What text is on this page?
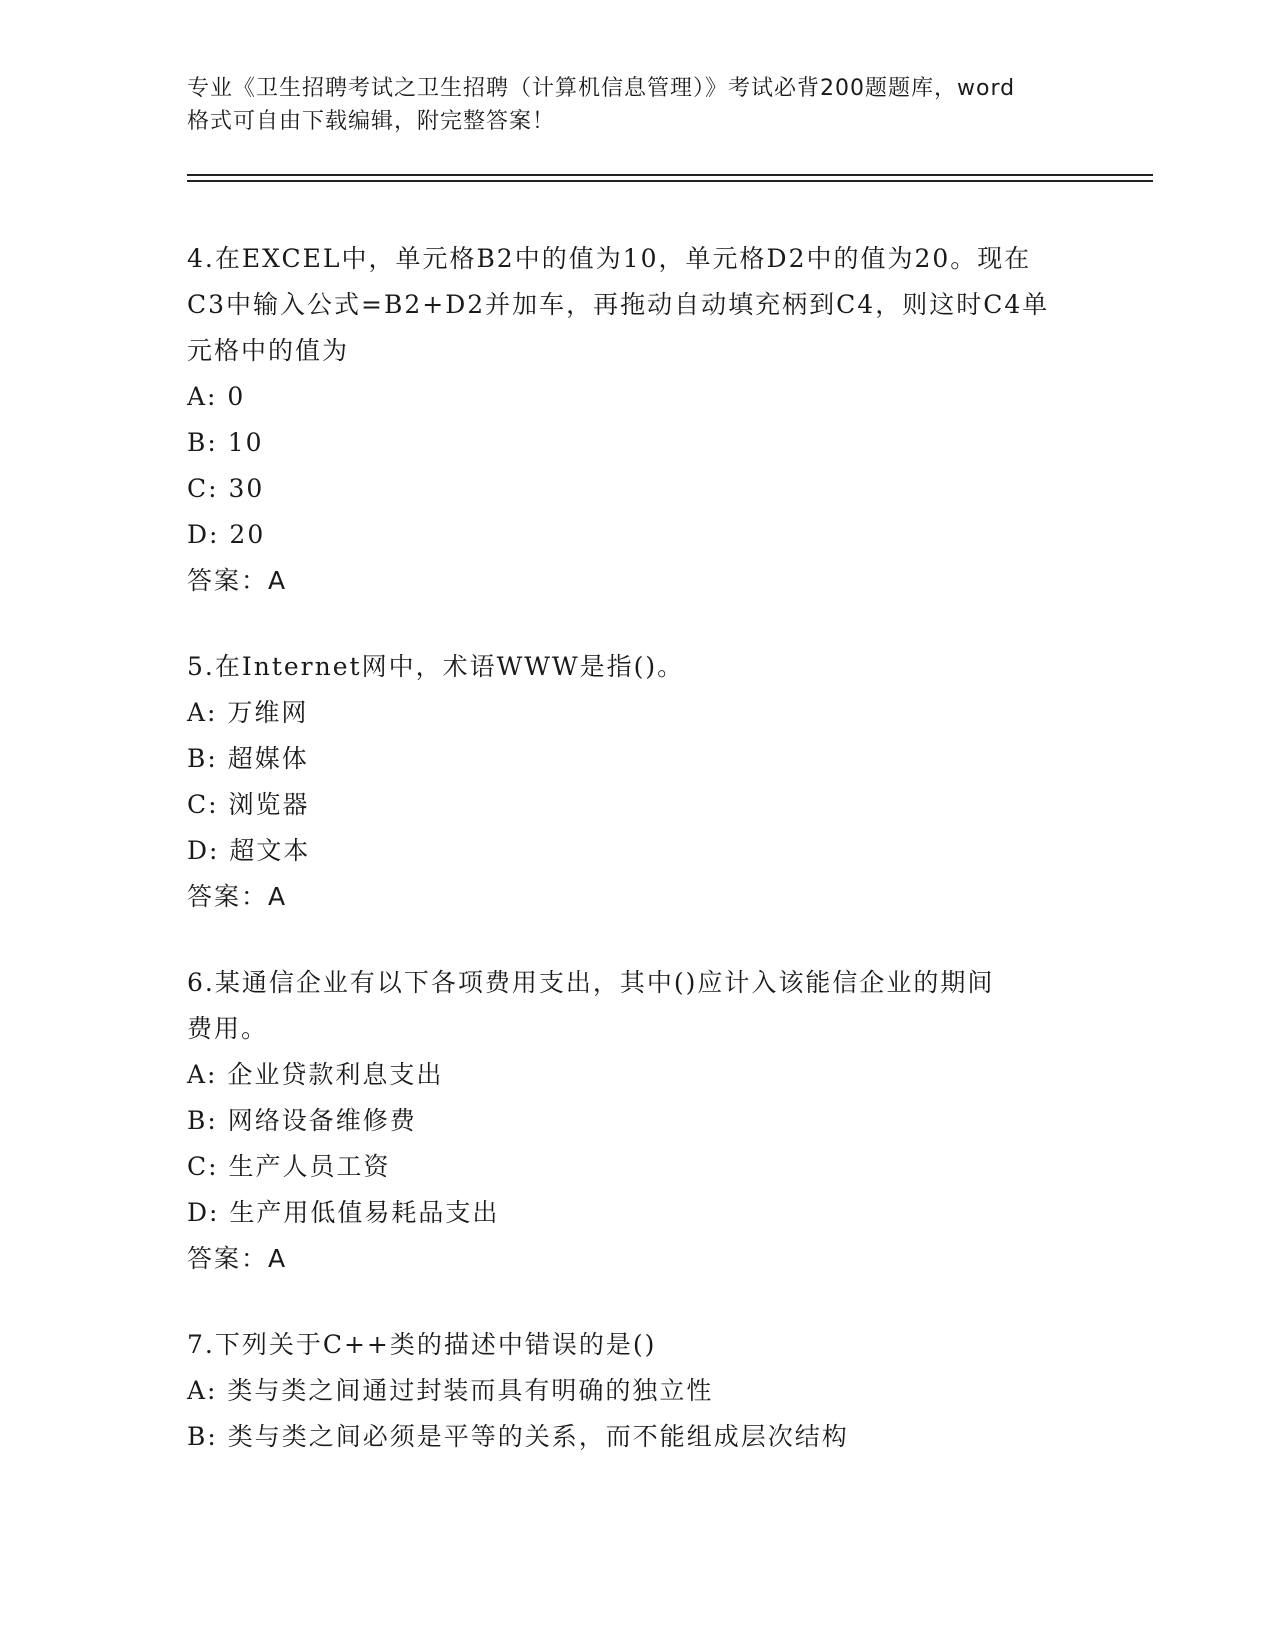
专业《卫生招聘考试之卫生招聘（计算机信息管理）》考试必背200题题库，word
格式可自由下载编辑，附完整答案！
4.在EXCEL中，单元格B2中的值为10，单元格D2中的值为20。现在
C3中输入公式=B2+D2并加车，再拖动自动填充柄到C4，则这时C4单
元格中的值为
A: 0
B: 10
C: 30
D: 20
答案：A
5.在Internet网中，术语WWW是指()。
A: 万维网
B: 超媒体
C: 浏览器
D: 超文本
答案：A
6.某通信企业有以下各项费用支出，其中()应计入该能信企业的期间
费用。
A: 企业贷款利息支出
B: 网络设备维修费
C: 生产人员工资
D: 生产用低值易耗品支出
答案：A
7.下列关于C++类的描述中错误的是()
A: 类与类之间通过封装而具有明确的独立性
B: 类与类之间必须是平等的关系，而不能组成层次结构
